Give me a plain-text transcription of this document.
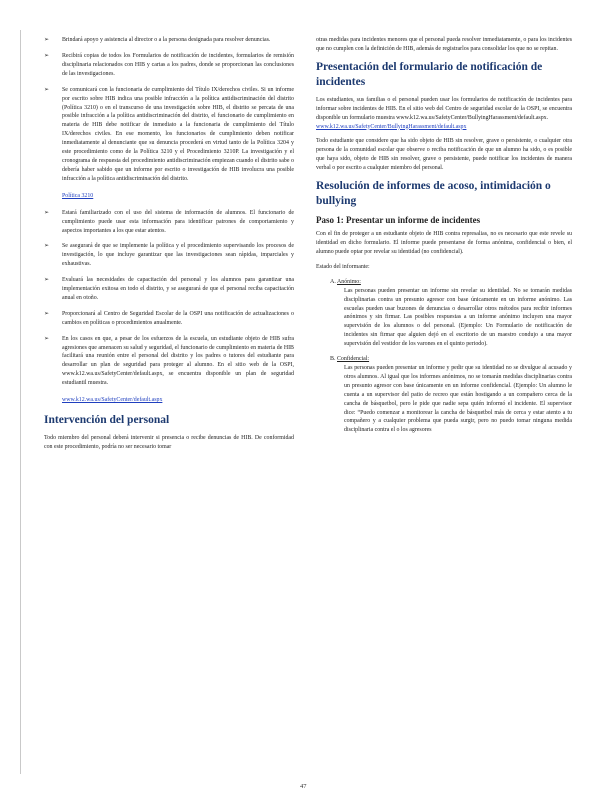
➢	Brindará apoyo y asistencia al director o a la persona designada para resolver denuncias.

➢	Recibirá copias de todos los Formularios de notificación de incidentes, formularios de remisión disciplinaria relacionados con HIB y cartas a los padres, donde se proporcionan las conclusiones de las investigaciones.

➢	Se comunicará con la funcionaria de cumplimiento del Título IX/derechos civiles. Si un informe por escrito sobre HIB indica una posible infracción a la política antidiscriminación del distrito (Política 3210) o en el transcurso de una investigación sobre HIB, el distrito se percata de una posible infracción a la política antidiscriminación del distrito, el funcionario de cumplimiento en materia de HIB debe notificar de inmediato a la funcionaria de cumplimiento del Título IX/derechos civiles. En ese momento, los funcionarios de cumplimiento deben notificar inmediatamente al denunciante que su denuncia procederá en virtud tanto de la Política 3204 y este procedimiento como de la Política 3210 y el Procedimiento 3210P. La investigación y el cronograma de respuesta del procedimiento antidiscriminación empiezan cuando el distrito sabe o debería haber sabido que un informe por escrito o investigación de HIB involucra una posible infracción a la política antidiscriminación del distrito.

Política 3210
➢	Estará familiarizado con el uso del sistema de información de alumnos. El funcionario de cumplimiento puede usar esta información para identificar patrones de comportamiento y aspectos importantes a los que estar atentos.

➢	Se asegurará de que se implemente la política y el procedimiento supervisando los procesos de investigación, lo que incluye garantizar que las investigaciones sean rápidas, imparciales y exhaustivas.

➢	Evaluará las necesidades de capacitación del personal y los alumnos para garantizar una implementación exitosa en todo el distrito, y se asegurará de que el personal reciba capacitación anual en otoño.

➢	Proporcionará al Centro de Seguridad Escolar de la OSPI una notificación de actualizaciones o cambios en políticas o procedimientos anualmente.

➢	En los casos en que, a pesar de los esfuerzos de la escuela, un estudiante objeto de HIB sufra agresiones que amenacen su salud y seguridad, el funcionario de cumplimiento en materia de HIB facilitará una reunión entre el personal del distrito y los padres o tutores del estudiante para desarrollar un plan de seguridad para proteger al alumno. En el sitio web de la OSPI, www.k12.wa.us/SafetyCenter/default.aspx, se encuentra disponible un plan de seguridad estudiantil muestra.

www.k12.wa.us/SafetyCenter/default.aspx
Intervención del personal

Todo miembro del personal deberá intervenir si presencia o recibe denuncias de HIB. De conformidad con este procedimiento, podría no ser necesario tomar

otras medidas para incidentes menores que el personal pueda resolver inmediatamente, o para los incidentes que no cumplen con la definición de HIB, además de registrarlos para consolidar los que no se repitan.

Presentación del formulario de notificación de incidentes

Los estudiantes, sus familias o el personal pueden usar los formularios de notificación de incidentes para informar sobre incidentes de HIB. En el sitio web del Centro de seguridad escolar de la OSPI, se encuentra disponible un formulario muestra www.k12.wa.us/SafetyCenter/BullyingHarassment/default.aspx.

www.k12.wa.us/SafetyCenter/BullyingHarassment/default.aspx

Todo estudiante que considere que ha sido objeto de HIB sin resolver, grave o persistente, o cualquier otra persona de la comunidad escolar que observe o reciba notificación de que un alumno ha sido, o es posible que haya sido, objeto de HIB sin resolver, grave o persistente, puede notificar los incidentes de manera verbal o por escrito a cualquier miembro del personal.

Resolución de informes de acoso, intimidación o bullying
Paso 1: Presentar un informe de incidentes

Con el fin de proteger a un estudiante objeto de HIB contra represalias, no es necesario que este revele su identidad en dicho formulario. El informe puede presentarse de forma anónima, confidencial o bien, el alumno puede optar por revelar su identidad (no confidencial).

Estado del informante:

A. Anónimo:

Las personas pueden presentar un informe sin revelar su identidad. No se tomarán medidas disciplinarias contra un presunto agresor con base únicamente en un informe anónimo. Las escuelas pueden usar buzones de denuncias o desarrollar otros métodos para recibir informes anónimos y sin firmar. Las posibles respuestas a un informe anónimo incluyen una mayor supervisión de los alumnos o del personal. (Ejemplo: Un Formulario de notificación de incidentes sin firmar que alguien dejó en el escritorio de un maestro condujo a una mayor supervisión del vestidor de los varones en el quinto periodo).

B. Confidencial:

Las personas pueden presentar un informe y pedir que su identidad no se divulgue al acusado y otros alumnos. Al igual que los informes anónimos, no se tomarán medidas disciplinarias contra un presunto agresor con base únicamente en un informe confidencial. (Ejemplo: Un alumno le cuenta a un supervisor del patio de recreo que están hostigando a un compañero cerca de la cancha de básquetbol, pero le pide que nadie sepa quién informó el incidente. El supervisor dice: “Puedo comenzar a monitorear la cancha de básquetbol más de cerca y estar atento a tu compañero y a cualquier problema que pueda surgir, pero no puedo tomar ninguna medida disciplinaria contra el o los agresores

47
